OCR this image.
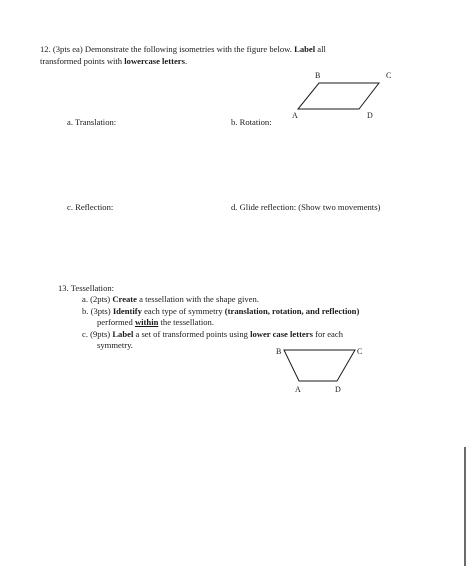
12. (3pts ea) Demonstrate the following isometries with the figure below. Label all
transformed points with lowercase letters.
B	C
A	D
a. Translation:	b. Rotation:
c. Reflection:	d. Glide reflection: (Show two movements)
13. Tessellation:
a. (2pts) Create a tessellation with the shape given.
b. (3pts) Identify each type of symmetry (translation, rotation, and reflection)
performed within the tessellation.
c. (9pts) Label a set of transformed points using lower case letters for each
symmetry.
B	C
A	D
